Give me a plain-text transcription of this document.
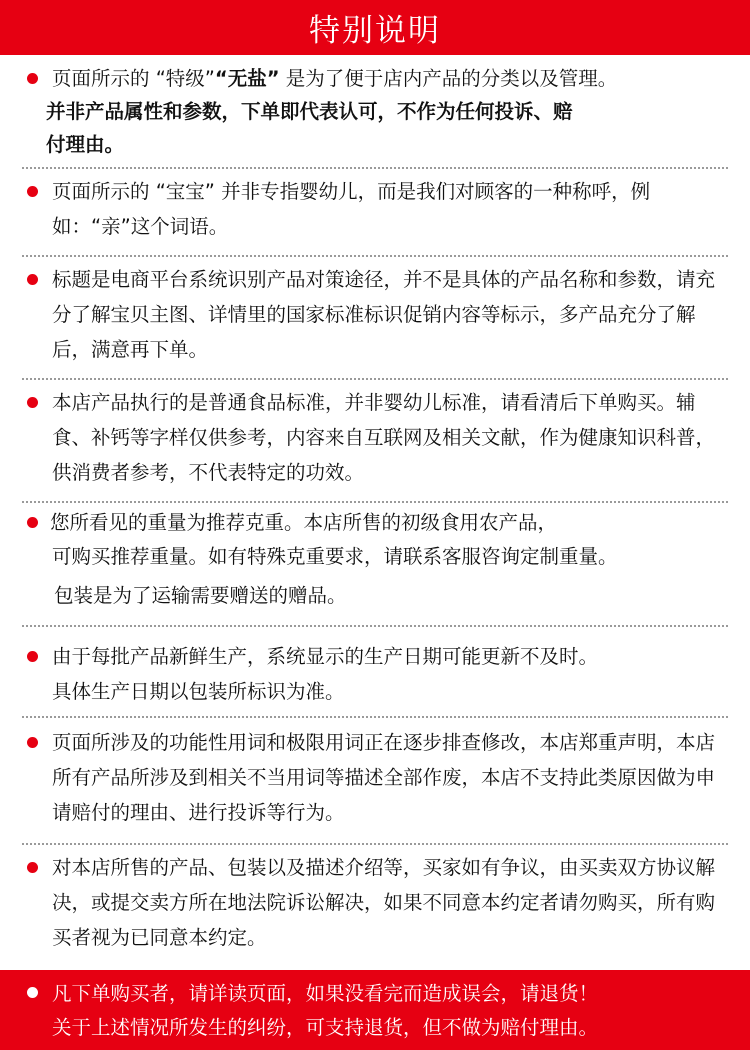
特别说明
页面所示的 “特级”“无盐” 是为了便于店内产品的分类以及管理。
并非产品属性和参数，下单即代表认可，不作为任何投诉、赔
付理由。
页面所示的 “宝宝” 并非专指婴幼儿，而是我们对顾客的一种称呼，例如：“亲”这个词语。
标题是电商平台系统识别产品对策途径，并不是具体的产品名称和参数，请充分了解宝贝主图、详情里的国家标准标识促销内容等标示，多产品充分了解后，满意再下单。
本店产品执行的是普通食品标准，并非婴幼儿标准，请看清后下单购买。辅食、补钙等字样仅供参考，内容来自互联网及相关文献，作为健康知识科普，供消费者参考，不代表特定的功效。
您所看见的重量为推荐克重。本店所售的初级食用农产品，
可购买推荐重量。如有特殊克重要求，请联系客服咨询定制重量。
包装是为了运输需要赠送的赠品。
由于每批产品新鲜生产，系统显示的生产日期可能更新不及时。
具体生产日期以包装所标识为准。
页面所涉及的功能性用词和极限用词正在逐步排查修改，本店郑重声明，本店所有产品所涉及到相关不当用词等描述全部作废，本店不支持此类原因做为申请赔付的理由、进行投诉等行为。
对本店所售的产品、包装以及描述介绍等，买家如有争议，由买卖双方协议解决，或提交卖方所在地法院诉讼解决，如果不同意本约定者请勿购买，所有购买者视为已同意本约定。
凡下单购买者，请详读页面，如果没看完而造成误会，请退货！
关于上述情况所发生的纠纷，可支持退货，但不做为赔付理由。
